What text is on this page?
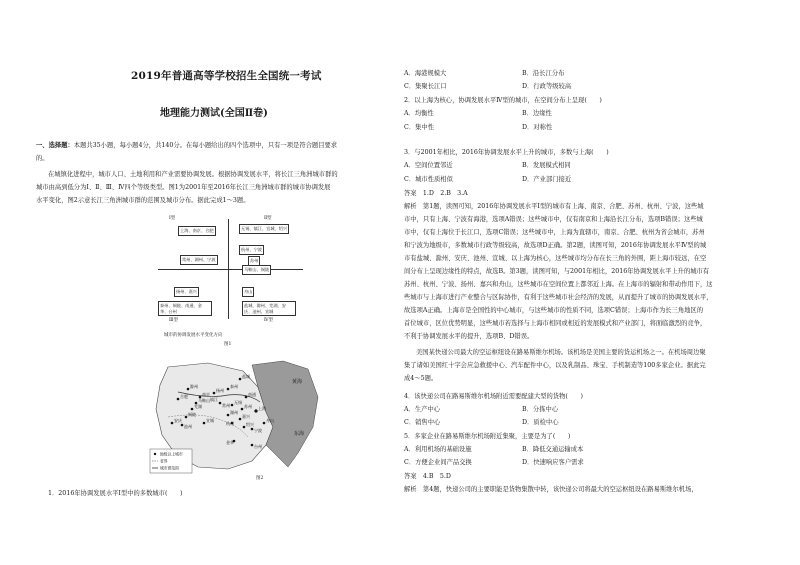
2019年普通高等学校招生全国统一考试
地理能力测试(全国Ⅱ卷)
一、选择题：本题共35小题，每小题4分，共140分。在每小题给出的四个选项中，只有一项是符合题目要求
的。
在城镇化进程中，城市人口、土地利用和产业需要协调发展。根据协调发展水平，将长江三角洲城市群的
城市由高到低分为Ⅰ、Ⅱ、Ⅲ、Ⅳ四个等级类型。图1为2001年至2016年长江三角洲城市群的城市协调发展
水平变化，图2示意长江三角洲城市群的范围及城市分布。据此完成1～3题。
Ⅰ型	Ⅱ型
Ⅲ型	Ⅳ型
上海、南京、合肥	无锡、镇江、宣城、绍兴
杭州、宁波
常州、湖州、宁波	苏州
马鞍山、铜陵
扬州、嘉兴	舟山
泰州、铜陵、南通、金华、台州
盐城、滁州、芜湖、安庆、池州、宣城
城市的协调发展水平变化方向
图1
盐城
泰州
南通
扬州
南京
镇江
常州
无锡
苏州 上海
合肥
滁州
芜湖
马鞍山
铜陵
安庆
池州
宣城
湖州
嘉兴
杭州	绍兴
宁波
舟山
金华
台州
黄海
东海
地级以上城市
省界
城市群范围
图2
1．2016年协调发展水平Ⅰ型中的多数城市(　　)
A．海港规模大	B．沿长江分布
C．集聚长江口	D．行政等级较高
2．以上海为核心，协调发展水平Ⅳ型的城市，在空间分布上呈现(　　)
A．均衡性	B．边缘性
C．集中性	D．对称性
3．与2001年相比，2016年协调发展水平上升的城市，多数与上海(　　)
A．空间位置邻近	B．发展模式相同
C．城市性质相似	D．产业部门接近
答案　1.D　2.B　3.A
解析　第1题，读图可知，2016年协调发展水平Ⅰ型的城市有上海、南京、合肥、苏州、杭州、宁波，这些城
市中，只有上海、宁波有海港，选项A错误；这些城市中，仅有南京和上海沿长江分布，选项B错误；这些城
市中，仅有上海位于长江口，选项C错误；这些城市中，上海为直辖市，南京、合肥、杭州为省会城市，苏州
和宁波为地级市，多数城市行政等级较高，故选项D正确。第2题，读图可知，2016年协调发展水平Ⅳ型的城
市有盐城、滁州、安庆、池州、宣城、以上海为核心，这些城市均分布在长三角的外围，距上海市较远，在空
间分布上呈现边缘性的特点，故选B。第3题，读图可知，与2001年相比，2016年协调发展水平上升的城市有
苏州、杭州、宁波、扬州、嘉兴和舟山，这些城市在空间位置上都邻近上海。在上海市的辐射和带动作用下，这
些城市与上海市进行产业整合与区际协作，有利于这些城市社会经济的发展，从而提升了城市的协调发展水平，
故选项A正确。上海市是全国性的中心城市，与这些城市的性质不同，选项C错误；上海市作为长三角地区的
首位城市，区位优势明显，这些城市若选择与上海市相同或相近的发展模式和产业部门，将面临激烈的竞争，
不利于协调发展水平的提升，选项B、D错误。
美国某快递公司最大的空运枢纽设在路易斯维尔机场。该机场是美国主要的货运机场之一。在机场周边聚
集了诸如美国红十字会应急救援中心、汽车配件中心，以及乳制品、珠宝、手机制造等100多家企业。据此完
成4～5题。
4．该快递公司在路易斯维尔机场附近需要配建大型的货物(　　)
A．生产中心	B．分拣中心
C．销售中心	D．质检中心
5．多家企业在路易斯维尔机场附近集聚，主要是为了(　　)
A．利用机场的基础设施	B．降低交通运输成本
C．方便企业间产品交换	D．快速响应客户需求
答案　4.B　5.D
解析　第4题，快递公司的主要职能是货物集散中转，该快递公司将最大的空运枢纽设在路易斯维尔机场，
